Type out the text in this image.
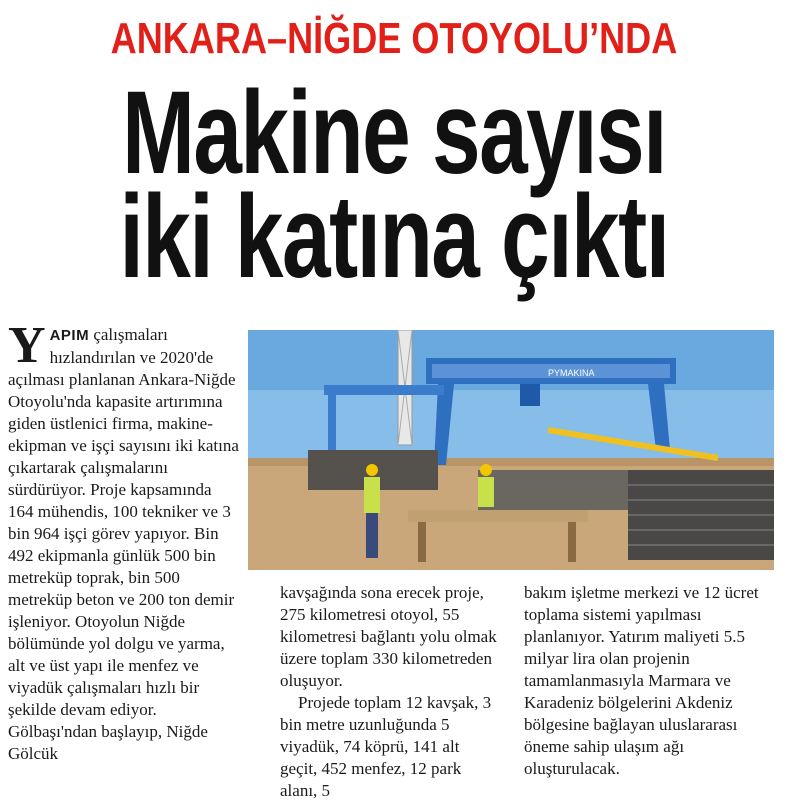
ANKARA–NİĞDE OTOYOLU’NDA
Makine sayısı
iki katına çıktı

YAPIM çalışmaları hızlandırılan ve 2020'de açılması planlanan Ankara-Niğde Otoyolu'nda kapasite artırımına giden üstlenici firma, makine-ekipman ve işçi sayısını iki katına çıkartarak çalışmalarını sürdürüyor. Proje kapsamında 164 mühendis, 100 tekniker ve 3 bin 964 işçi görev yapıyor. Bin 492 ekipmanla günlük 500 bin metreküp toprak, bin 500 metreküp beton ve 200 ton demir işleniyor. Otoyolun Niğde bölümünde yol dolgu ve yarma, alt ve üst yapı ile menfez ve viyadük çalışmaları hızlı bir şekilde devam ediyor. Gölbaşı'ndan başlayıp, Niğde Gölcük

PYMAKINA

kavşağında sona erecek proje, 275 kilometresi otoyol, 55 kilometresi bağlantı yolu olmak üzere toplam 330 kilometreden oluşuyor.

Projede toplam 12 kavşak, 3 bin metre uzunluğunda 5 viyadük, 74 köprü, 141 alt geçit, 452 menfez, 12 park alanı, 5

bakım işletme merkezi ve 12 ücret toplama sistemi yapılması planlanıyor. Yatırım maliyeti 5.5 milyar lira olan projenin tamamlanmasıyla Marmara ve Karadeniz bölgelerini Akdeniz bölgesine bağlayan uluslararası öneme sahip ulaşım ağı oluşturulacak.
